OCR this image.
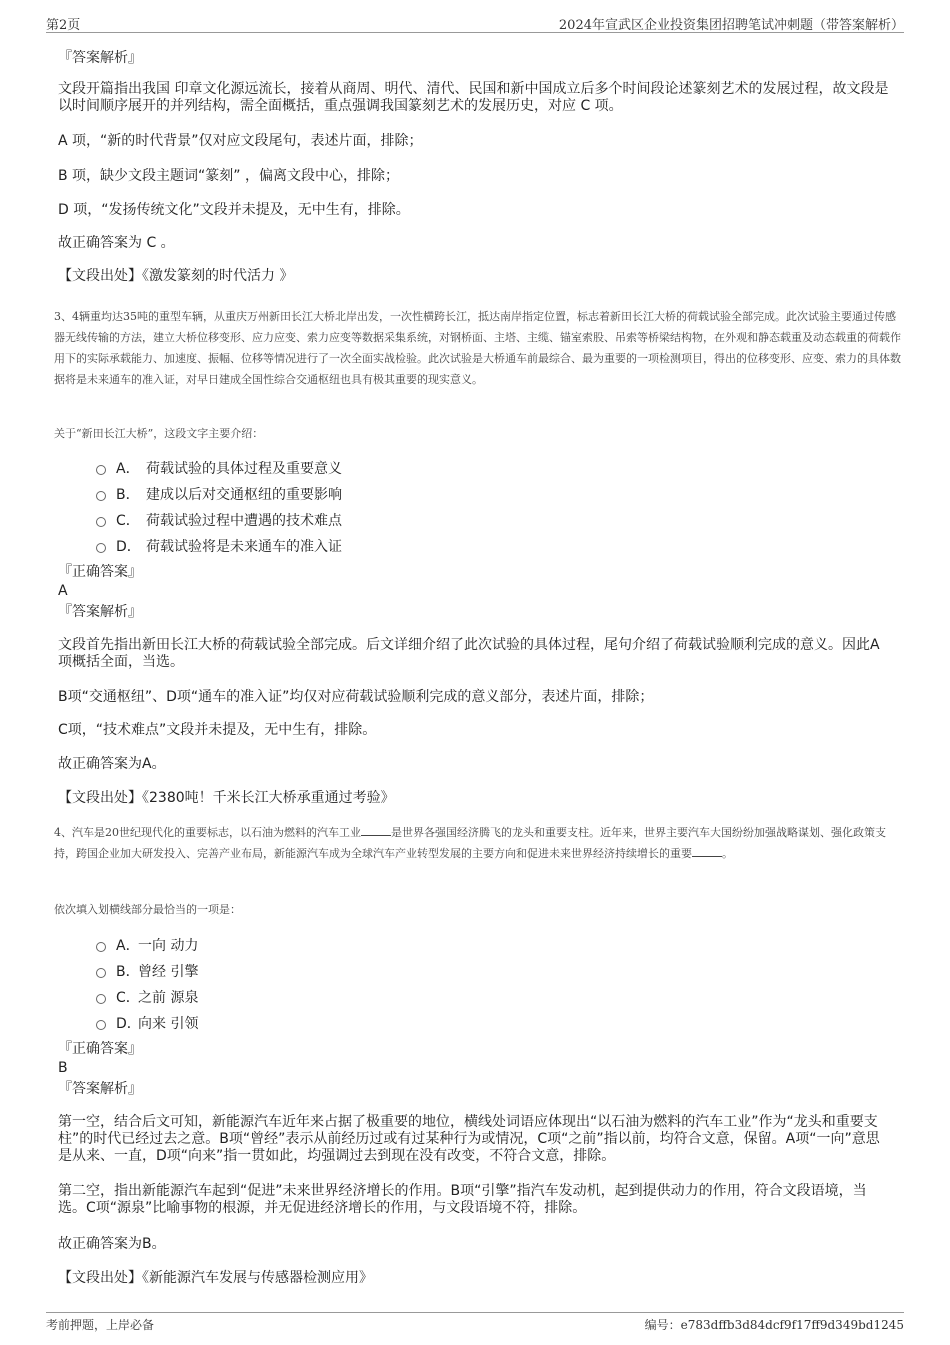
第2页	2024年宣武区企业投资集团招聘笔试冲刺题（带答案解析）
『答案解析』

文段开篇指出我国 印章文化源远流长，接着从商周、明代、清代、民国和新中国成立后多个时间段论述篆刻艺术的发展过程，故文段是以时间顺序展开的并列结构，需全面概括，重点强调我国篆刻艺术的发展历史，对应 C 项。

A 项，“新的时代背景”仅对应文段尾句，表述片面，排除；

B 项，缺少文段主题词“篆刻” ，偏离文段中心，排除；

D 项，“发扬传统文化”文段并未提及，无中生有，排除。

故正确答案为 C 。

【文段出处】《激发篆刻的时代活力 》

3、4辆重均达35吨的重型车辆，从重庆万州新田长江大桥北岸出发，一次性横跨长江，抵达南岸指定位置，标志着新田长江大桥的荷载试验全部完成。此次试验主要通过传感器无线传输的方法，建立大桥位移变形、应力应变、索力应变等数据采集系统，对钢桥面、主塔、主缆、锚室索股、吊索等桥梁结构物，在外观和静态载重及动态载重的荷载作用下的实际承载能力、加速度、振幅、位移等情况进行了一次全面实战检验。此次试验是大桥通车前最综合、最为重要的一项检测项目，得出的位移变形、应变、索力的具体数据将是未来通车的准入证，对早日建成全国性综合交通枢纽也具有极其重要的现实意义。
关于“新田长江大桥”，这段文字主要介绍：
A． 荷载试验的具体过程及重要意义
B． 建成以后对交通枢纽的重要影响
C． 荷载试验过程中遭遇的技术难点
D． 荷载试验将是未来通车的准入证
『正确答案』
A
『答案解析』

文段首先指出新田长江大桥的荷载试验全部完成。后文详细介绍了此次试验的具体过程，尾句介绍了荷载试验顺利完成的意义。因此A项概括全面，当选。

B项“交通枢纽”、D项“通车的准入证”均仅对应荷载试验顺利完成的意义部分，表述片面，排除；

C项，“技术难点”文段并未提及，无中生有，排除。

故正确答案为A。

【文段出处】《2380吨！千米长江大桥承重通过考验》

4、汽车是20世纪现代化的重要标志，以石油为燃料的汽车工业	是世界各强国经济腾飞的龙头和重要支柱。近年来，世界主要汽车大国纷纷加强战略谋划、强化政策支持，跨国企业加大研发投入、完善产业布局，新能源汽车成为全球汽车产业转型发展的主要方向和促进未来世界经济持续增长的重要	。
依次填入划横线部分最恰当的一项是：
A．
一向 动力
B．
曾经 引擎
C．
之前 源泉
D．
向来 引领
『正确答案』
B
『答案解析』

第一空，结合后文可知，新能源汽车近年来占据了极重要的地位，横线处词语应体现出“以石油为燃料的汽车工业”作为“龙头和重要支柱”的时代已经过去之意。B项“曾经”表示从前经历过或有过某种行为或情况，C项“之前”指以前，均符合文意，保留。A项“一向”意思是从来、一直，D项“向来”指一贯如此，均强调过去到现在没有改变，不符合文意，排除。

第二空，指出新能源汽车起到“促进”未来世界经济增长的作用。B项“引擎”指汽车发动机，起到提供动力的作用，符合文段语境，当选。C项“源泉”比喻事物的根源，并无促进经济增长的作用，与文段语境不符，排除。

故正确答案为B。

【文段出处】《新能源汽车发展与传感器检测应用》

考前押题，上岸必备	编号：e783dffb3d84dcf9f17ff9d349bd1245
